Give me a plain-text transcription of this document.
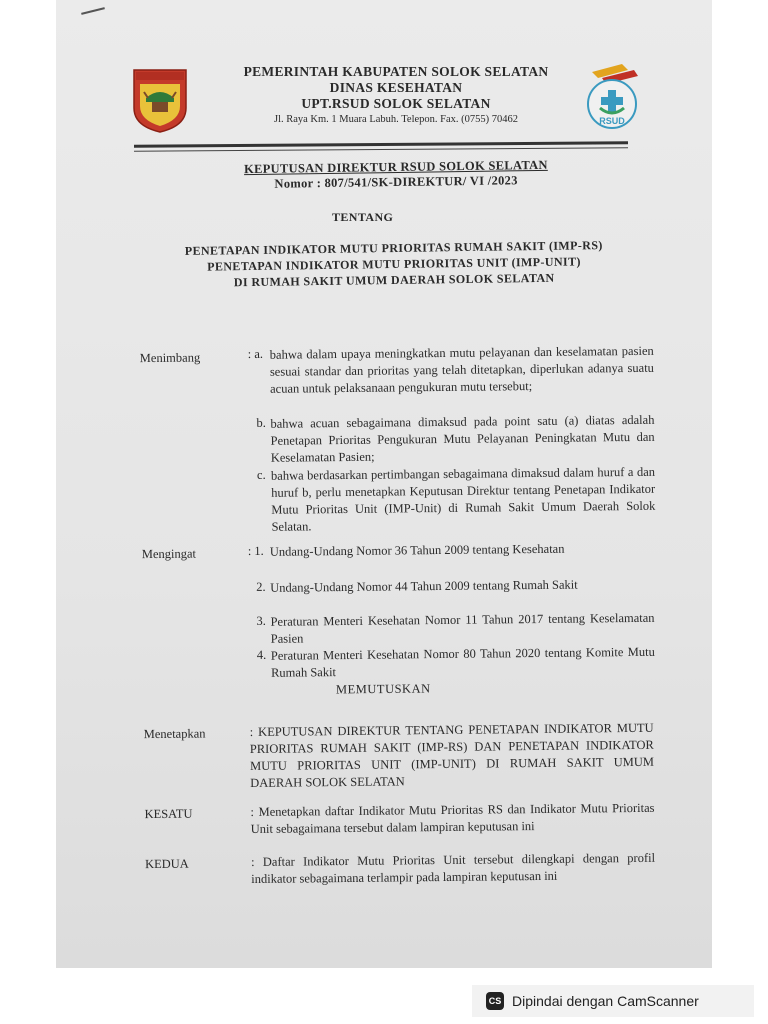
RSUD
PEMERINTAH KABUPATEN SOLOK SELATAN
DINAS KESEHATAN
UPT.RSUD SOLOK SELATAN
Jl. Raya Km. 1 Muara Labuh. Telepon. Fax. (0755) 70462
KEPUTUSAN DIREKTUR RSUD SOLOK SELATAN
Nomor : 807/541/SK-DIREKTUR/ VI /2023
TENTANG
PENETAPAN INDIKATOR MUTU PRIORITAS RUMAH SAKIT (IMP-RS)
PENETAPAN INDIKATOR MUTU PRIORITAS UNIT (IMP-UNIT)
DI RUMAH SAKIT UMUM DAERAH SOLOK SELATAN
Menimbang	: a. bahwa dalam upaya meningkatkan mutu pelayanan dan keselamatan pasien sesuai standar dan prioritas yang telah ditetapkan, diperlukan adanya suatu acuan untuk pelaksanaan pengukuran mutu tersebut;
b. bahwa acuan sebagaimana dimaksud pada point satu (a) diatas adalah Penetapan Prioritas Pengukuran Mutu Pelayanan Peningkatan Mutu dan Keselamatan Pasien;
c. bahwa berdasarkan pertimbangan sebagaimana dimaksud dalam huruf a dan huruf b, perlu menetapkan Keputusan Direktur tentang Penetapan Indikator Mutu Prioritas Unit (IMP-Unit) di Rumah Sakit Umum Daerah Solok Selatan.
Mengingat	: 1. Undang-Undang Nomor 36 Tahun 2009 tentang Kesehatan
2. Undang-Undang Nomor 44 Tahun 2009 tentang Rumah Sakit
3. Peraturan Menteri Kesehatan Nomor 11 Tahun 2017 tentang Keselamatan Pasien
4. Peraturan Menteri Kesehatan Nomor 80 Tahun 2020 tentang Komite Mutu Rumah Sakit
Menetapkan	: KEPUTUSAN DIREKTUR TENTANG PENETAPAN INDIKATOR MUTU PRIORITAS RUMAH SAKIT (IMP-RS) DAN PENETAPAN INDIKATOR MUTU PRIORITAS UNIT (IMP-UNIT) DI RUMAH SAKIT UMUM DAERAH SOLOK SELATAN
KESATU	: Menetapkan daftar Indikator Mutu Prioritas RS dan Indikator Mutu Prioritas Unit sebagaimana tersebut dalam lampiran keputusan ini
KEDUA	: Daftar Indikator Mutu Prioritas Unit tersebut dilengkapi dengan profil indikator sebagaimana terlampir pada lampiran keputusan ini
MEMUTUSKAN
CS Dipindai dengan CamScanner
